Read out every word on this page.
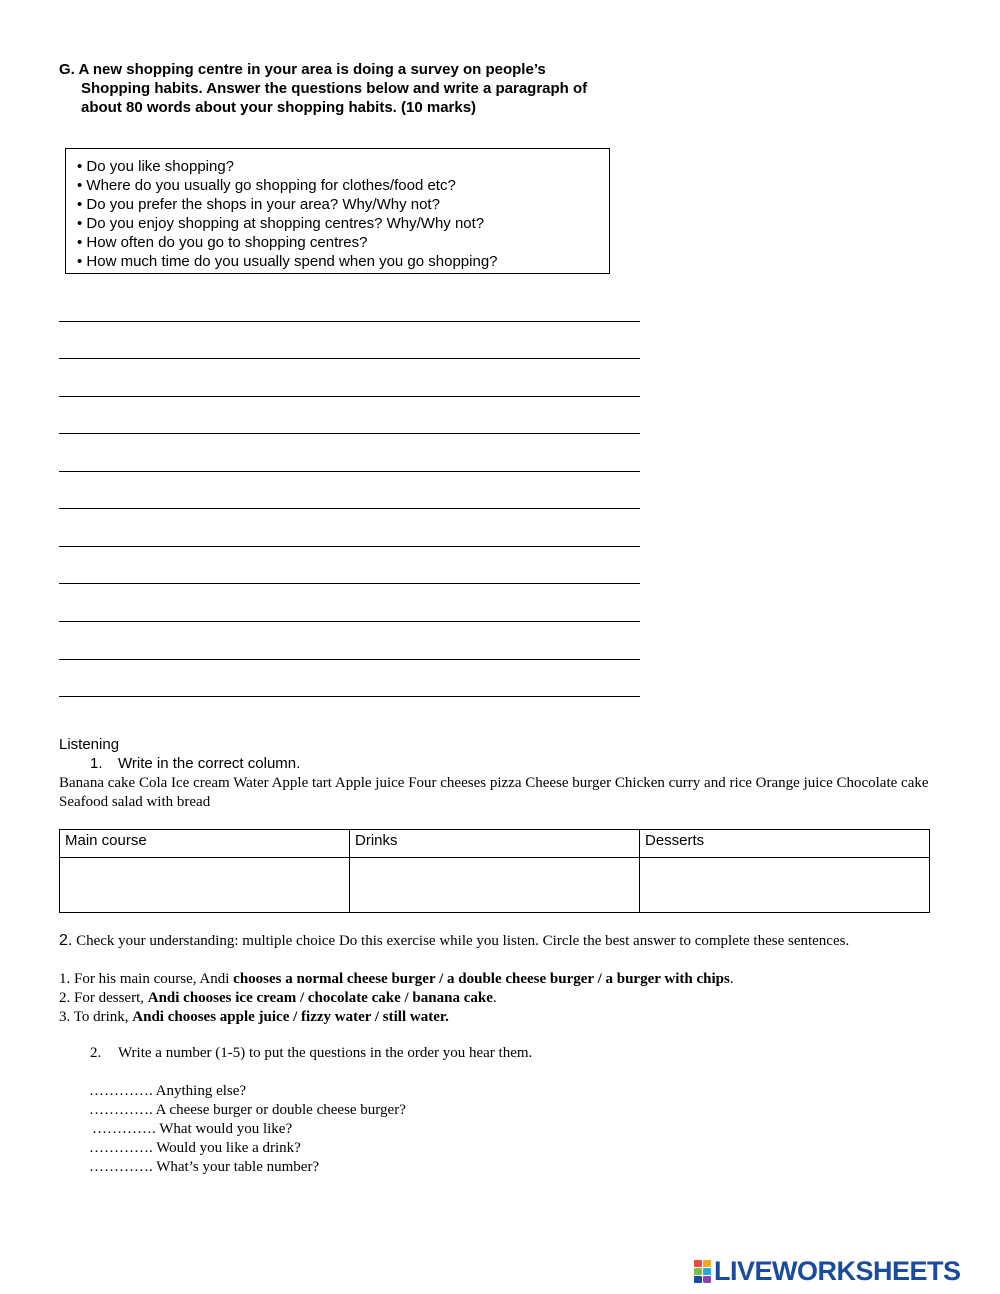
G. A new shopping centre in your area is doing a survey on people’s
Shopping habits. Answer the questions below and write a paragraph of
about 80 words about your shopping habits. (10 marks)
• Do you like shopping?
• Where do you usually go shopping for clothes/food etc?
• Do you prefer the shops in your area? Why/Why not?
• Do you enjoy shopping at shopping centres? Why/Why not?
• How often do you go to shopping centres?
• How much time do you usually spend when you go shopping?
Listening
1. Write in the correct column.
Banana cake Cola Ice cream Water Apple tart Apple juice Four cheeses pizza Cheese burger Chicken curry and rice Orange juice Chocolate cake Seafood salad with bread
Main course	Drinks	Desserts

2. Check your understanding: multiple choice Do this exercise while you listen. Circle the best answer to complete these sentences.
1. For his main course, Andi chooses a normal cheese burger / a double cheese burger / a burger with chips.
2. For dessert, Andi chooses ice cream / chocolate cake / banana cake.
3. To drink, Andi chooses apple juice / fizzy water / still water.
2. Write a number (1-5) to put the questions in the order you hear them.
…………. Anything else?
…………. A cheese burger or double cheese burger?
…………. What would you like?
…………. Would you like a drink?
…………. What’s your table number?
LIVEWORKSHEETS
